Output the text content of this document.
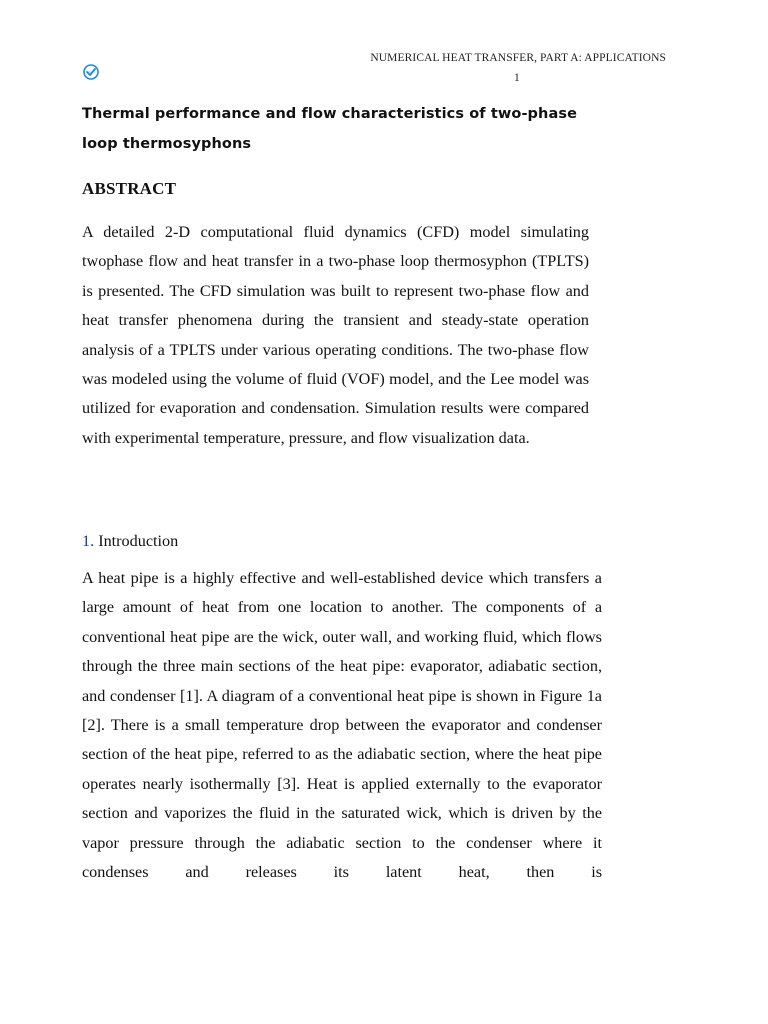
NUMERICAL HEAT TRANSFER, PART A: APPLICATIONS
1
Thermal performance and flow characteristics of two-phase loop thermosyphons
ABSTRACT

A detailed 2-D computational fluid dynamics (CFD) model simulating twophase flow and heat transfer in a two-phase loop thermosyphon (TPLTS) is presented. The CFD simulation was built to represent two-phase flow and heat transfer phenomena during the transient and steady-state operation analysis of a TPLTS under various operating conditions. The two-phase flow was modeled using the volume of fluid (VOF) model, and the Lee model was utilized for evaporation and condensation. Simulation results were compared with experimental temperature, pressure, and flow visualization data.

1. Introduction

A heat pipe is a highly effective and well-established device which transfers a large amount of heat from one location to another. The components of a conventional heat pipe are the wick, outer wall, and working fluid, which flows through the three main sections of the heat pipe: evaporator, adiabatic section, and condenser [1]. A diagram of a conventional heat pipe is shown in Figure 1a [2]. There is a small temperature drop between the evaporator and condenser section of the heat pipe, referred to as the adiabatic section, where the heat pipe operates nearly isothermally [3]. Heat is applied externally to the evaporator section and vaporizes the fluid in the saturated wick, which is driven by the vapor pressure through the adiabatic section to the condenser where it condenses and releases its latent heat, then is
